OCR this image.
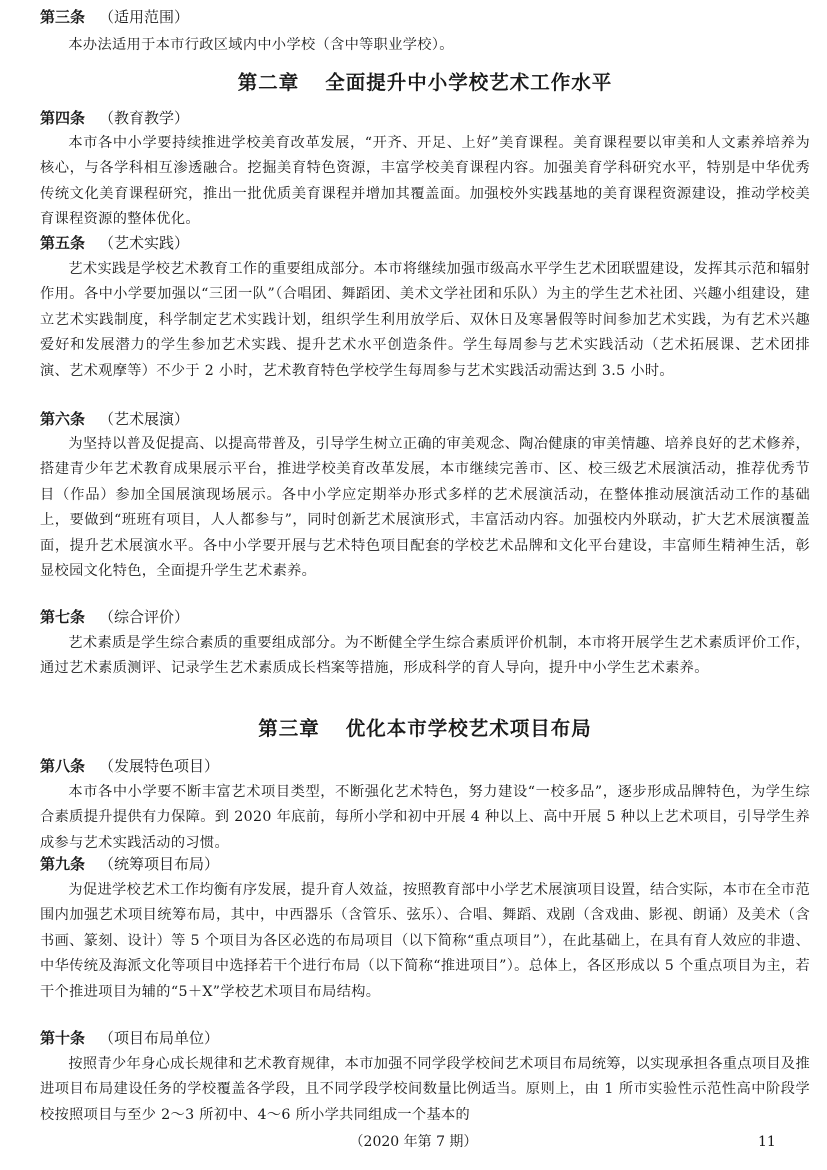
第三条 （适用范围）
本办法适用于本市行政区域内中小学校（含中等职业学校）。
第二章 全面提升中小学校艺术工作水平
第四条 （教育教学）
本市各中小学要持续推进学校美育改革发展，“开齐、开足、上好”美育课程。美育课程要以审美和人文素养培养为核心，与各学科相互渗透融合。挖掘美育特色资源，丰富学校美育课程内容。加强美育学科研究水平，特别是中华优秀传统文化美育课程研究，推出一批优质美育课程并增加其覆盖面。加强校外实践基地的美育课程资源建设，推动学校美育课程资源的整体优化。
第五条 （艺术实践）
艺术实践是学校艺术教育工作的重要组成部分。本市将继续加强市级高水平学生艺术团联盟建设，发挥其示范和辐射作用。各中小学要加强以“三团一队”（合唱团、舞蹈团、美术文学社团和乐队）为主的学生艺术社团、兴趣小组建设，建立艺术实践制度，科学制定艺术实践计划，组织学生利用放学后、双休日及寒暑假等时间参加艺术实践，为有艺术兴趣爱好和发展潜力的学生参加艺术实践、提升艺术水平创造条件。学生每周参与艺术实践活动（艺术拓展课、艺术团排演、艺术观摩等）不少于 2 小时，艺术教育特色学校学生每周参与艺术实践活动需达到 3.5 小时。
第六条 （艺术展演）
为坚持以普及促提高、以提高带普及，引导学生树立正确的审美观念、陶冶健康的审美情趣、培养良好的艺术修养，搭建青少年艺术教育成果展示平台，推进学校美育改革发展，本市继续完善市、区、校三级艺术展演活动，推荐优秀节目（作品）参加全国展演现场展示。各中小学应定期举办形式多样的艺术展演活动，在整体推动展演活动工作的基础上，要做到“班班有项目，人人都参与”，同时创新艺术展演形式，丰富活动内容。加强校内外联动，扩大艺术展演覆盖面，提升艺术展演水平。各中小学要开展与艺术特色项目配套的学校艺术品牌和文化平台建设，丰富师生精神生活，彰显校园文化特色，全面提升学生艺术素养。
第七条 （综合评价）
艺术素质是学生综合素质的重要组成部分。为不断健全学生综合素质评价机制，本市将开展学生艺术素质评价工作，通过艺术素质测评、记录学生艺术素质成长档案等措施，形成科学的育人导向，提升中小学生艺术素养。
第三章 优化本市学校艺术项目布局
第八条 （发展特色项目）
本市各中小学要不断丰富艺术项目类型，不断强化艺术特色，努力建设“一校多品”，逐步形成品牌特色，为学生综合素质提升提供有力保障。到 2020 年底前，每所小学和初中开展 4 种以上、高中开展 5 种以上艺术项目，引导学生养成参与艺术实践活动的习惯。
第九条 （统筹项目布局）
为促进学校艺术工作均衡有序发展，提升育人效益，按照教育部中小学艺术展演项目设置，结合实际，本市在全市范围内加强艺术项目统筹布局，其中，中西器乐（含管乐、弦乐）、合唱、舞蹈、戏剧（含戏曲、影视、朗诵）及美术（含书画、篆刻、设计）等 5 个项目为各区必选的布局项目（以下简称“重点项目”），在此基础上，在具有育人效应的非遗、中华传统及海派文化等项目中选择若干个进行布局（以下简称“推进项目”）。总体上，各区形成以 5 个重点项目为主，若干个推进项目为辅的“5＋X”学校艺术项目布局结构。
第十条 （项目布局单位）
按照青少年身心成长规律和艺术教育规律，本市加强不同学段学校间艺术项目布局统筹，以实现承担各重点项目及推进项目布局建设任务的学校覆盖各学段，且不同学段学校间数量比例适当。原则上，由 1 所市实验性示范性高中阶段学校按照项目与至少 2～3 所初中、4～6 所小学共同组成一个基本的
（2020 年第 7 期）	11
